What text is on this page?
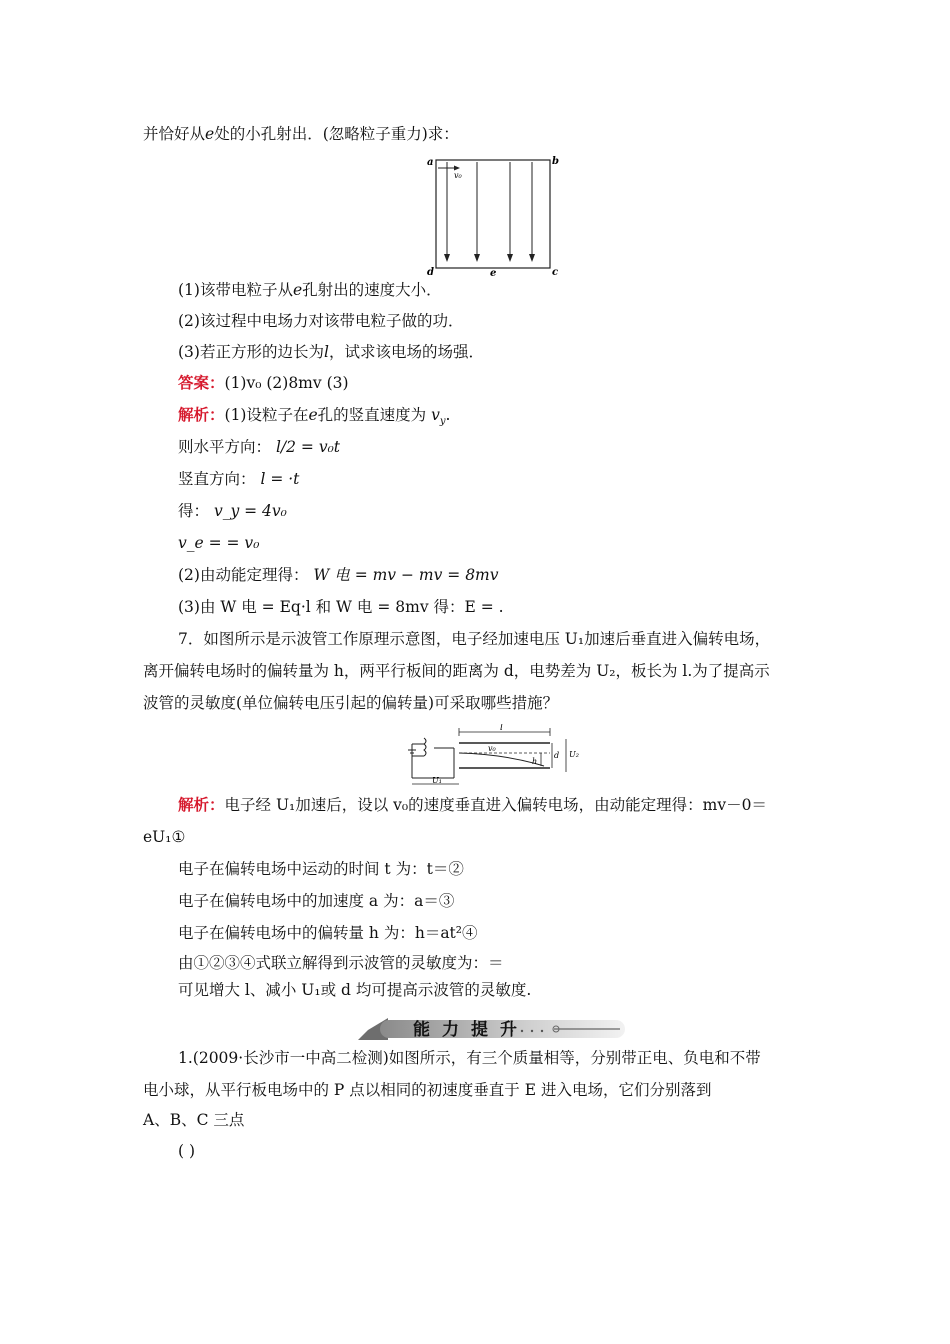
并恰好从e处的小孔射出．(忽略粒子重力)求：
a	b
c
d	e
v₀
(1)该带电粒子从e孔射出的速度大小．
(2)该过程中电场力对该带电粒子做的功．
(3)若正方形的边长为l，试求该电场的场强．
答案：(1)v₀ (2)8mv (3)
解析：(1)设粒子在e孔的竖直速度为 $v_y$.
则水平方向： l/2 = v₀t
竖直方向： l = ·t
得： v_y = 4v₀
v_e = = v₀
(2)由动能定理得： W 电 = mv − mv = 8mv
(3)由 W 电 = Eq·l 和 W 电 = 8mv 得：E = .
7．如图所示是示波管工作原理示意图，电子经加速电压 U₁加速后垂直进入偏转电场，
离开偏转电场时的偏转量为 h，两平行板间的距离为 d，电势差为 U₂，板长为 l.为了提高示
波管的灵敏度(单位偏转电压引起的偏转量)可采取哪些措施？
l
v₀
d U₂
h
U₁
解析：电子经 U₁加速后，设以 v₀的速度垂直进入偏转电场，由动能定理得：mv－0＝
eU₁①
电子在偏转电场中运动的时间 t 为：t＝②
电子在偏转电场中的加速度 a 为：a＝③
电子在偏转电场中的偏转量 h 为：h＝at²④
由①②③④式联立解得到示波管的灵敏度为：＝
可见增大 l、减小 U₁或 d 均可提高示波管的灵敏度.
能力提升
1.(2009·长沙市一中高二检测)如图所示，有三个质量相等，分别带正电、负电和不带
电小球，从平行板电场中的 P 点以相同的初速度垂直于 E 进入电场，它们分别落到
A、B、C 三点
( )
